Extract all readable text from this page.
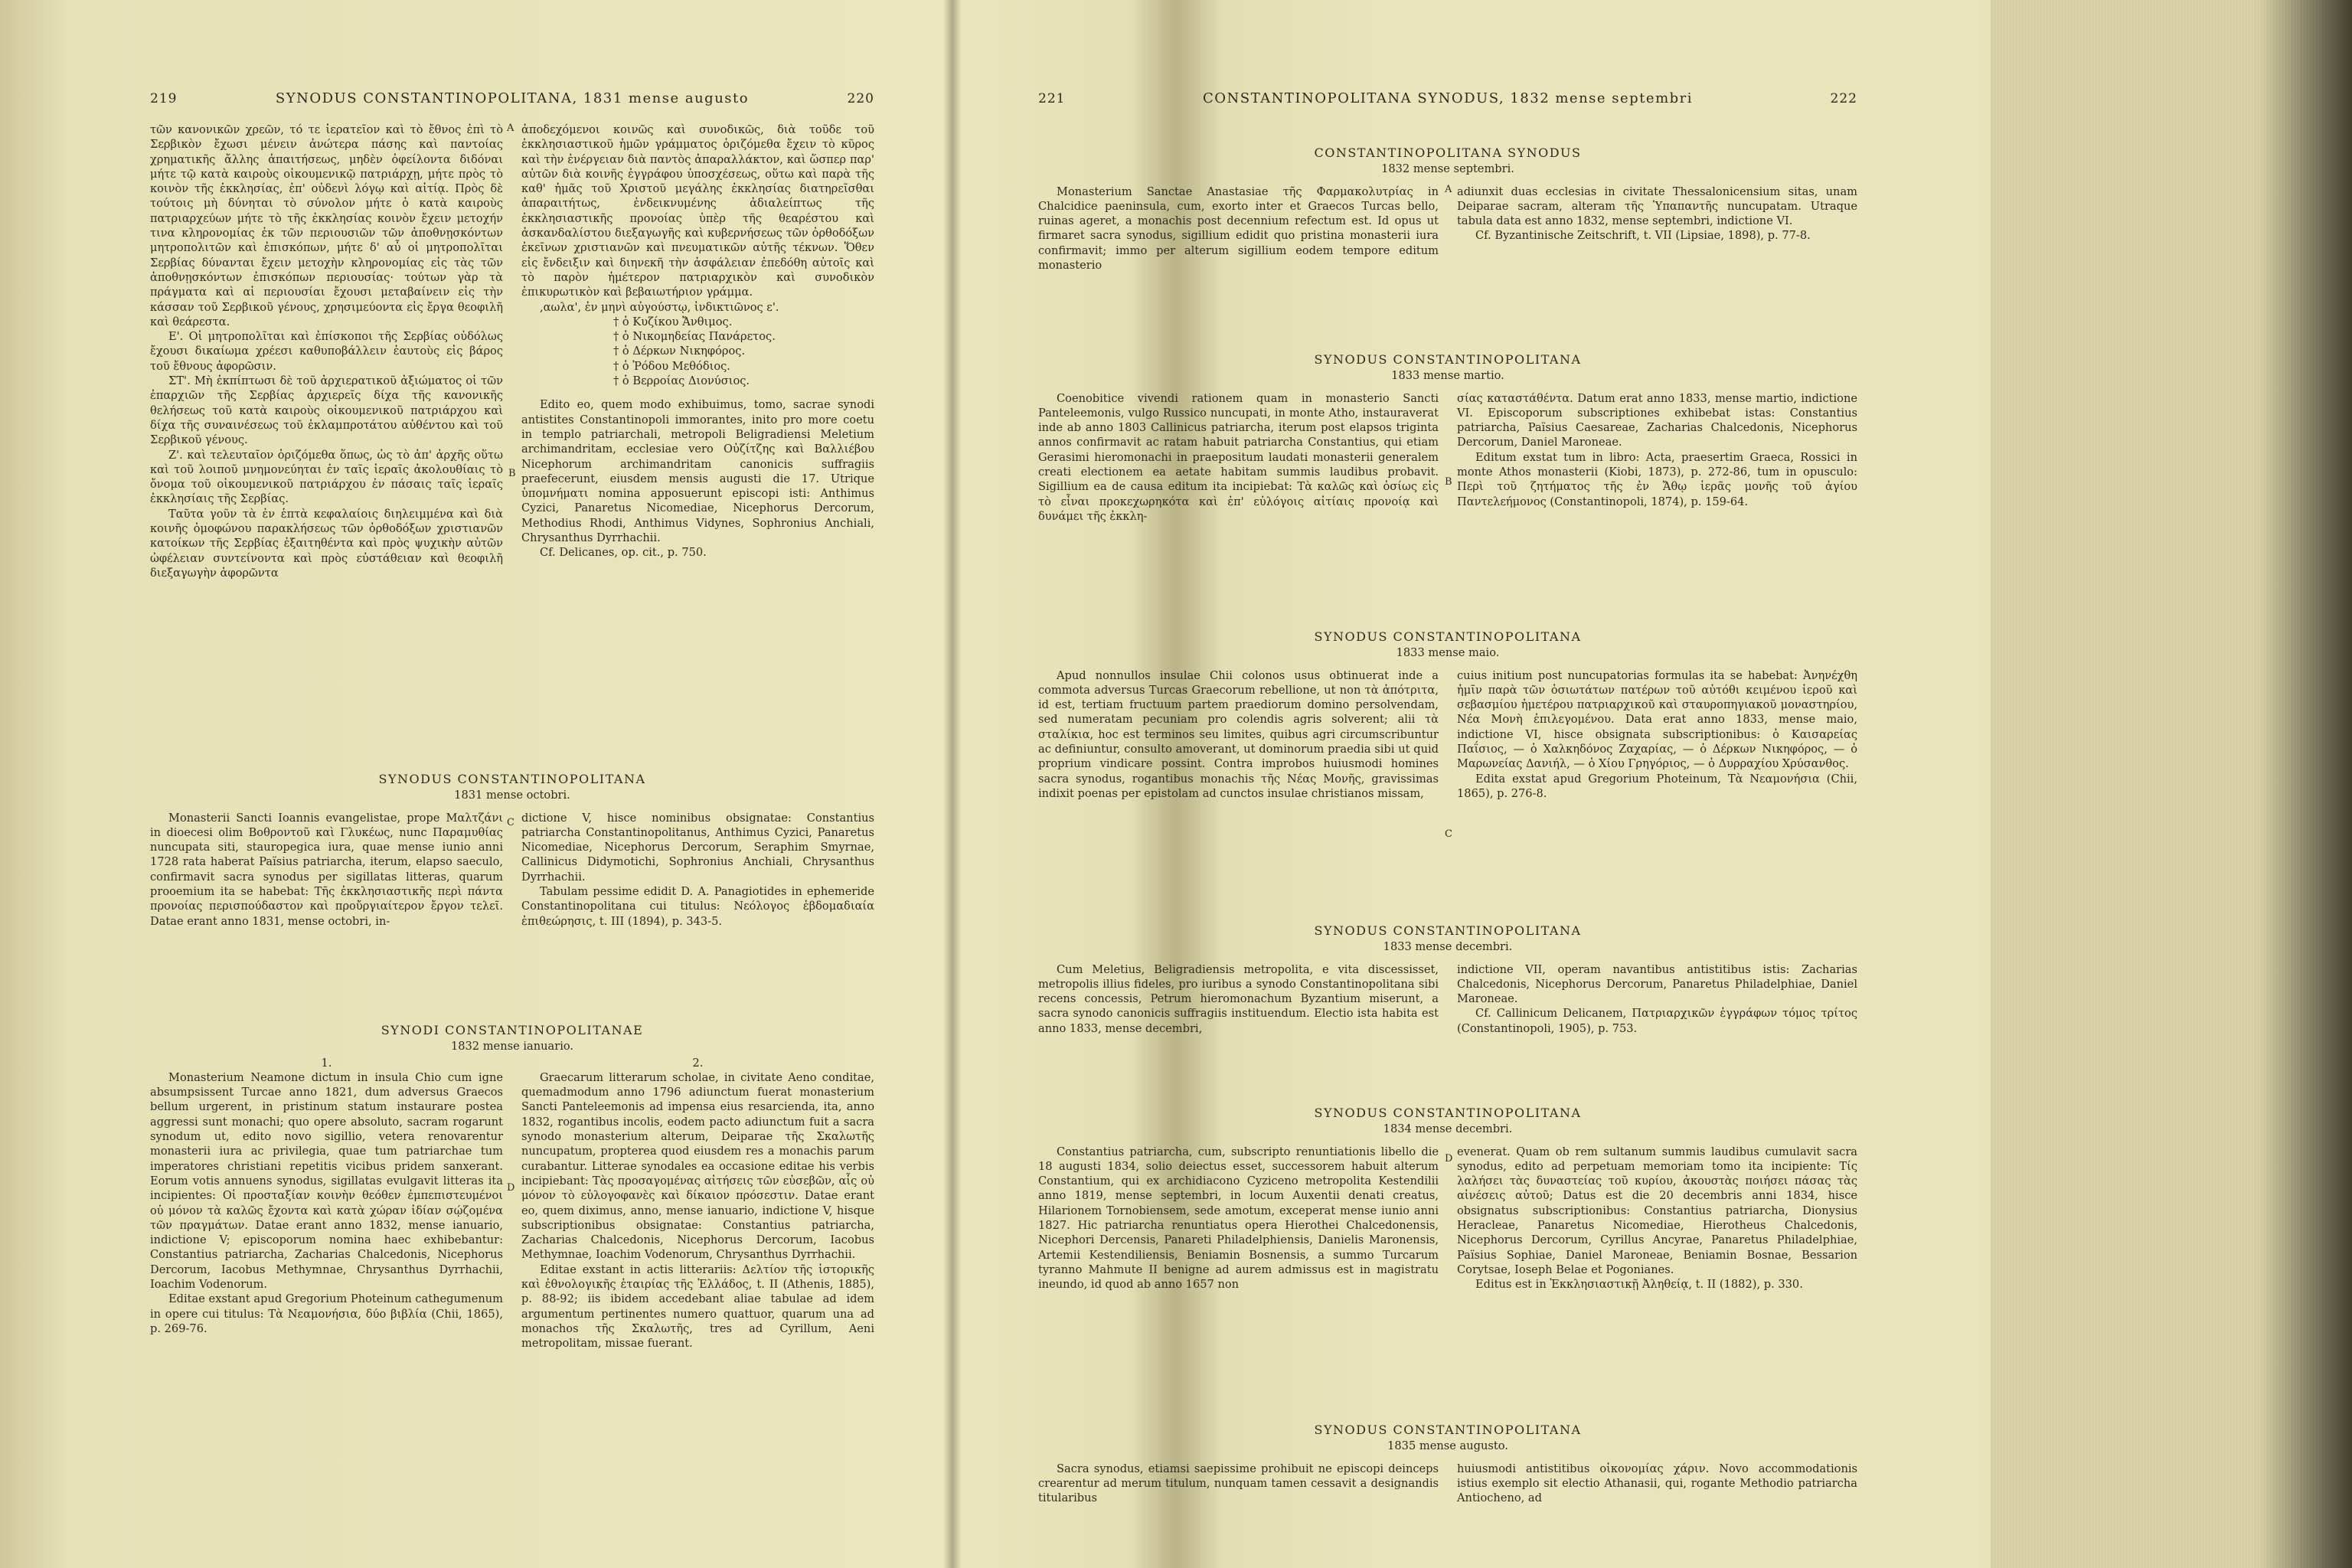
219	SYNODUS CONSTANTINOPOLITANA, 1831 mense augusto	220

τῶν κανονικῶν χρεῶν, τό τε ἱερατεῖον καὶ τὸ ἔθνος ἐπὶ τὸ Σερβικὸν ἔχωσι μένειν ἀνώτερα πάσης καὶ παντοίας χρηματικῆς ἄλλης ἀπαιτήσεως, μηδὲν ὀφείλοντα διδόναι μήτε τῷ κατὰ καιροὺς οἰκουμενικῷ πατριάρχῃ, μήτε πρὸς τὸ κοινὸν τῆς ἐκκλησίας, ἐπ' οὐδενὶ λόγῳ καὶ αἰτίᾳ. Πρὸς δὲ τούτοις μὴ δύνηται τὸ σύνολον μήτε ὁ κατὰ καιροὺς πατριαρχεύων μήτε τὸ τῆς ἐκκλησίας κοινὸν ἔχειν μετοχήν τινα κληρονομίας ἐκ τῶν περιουσιῶν τῶν ἀποθνῃσκόντων μητροπολιτῶν καὶ ἐπισκόπων, μήτε δ' αὖ οἱ μητροπολῖται Σερβίας δύνανται ἔχειν μετοχὴν κληρονομίας εἰς τὰς τῶν ἀποθνῃσκόντων ἐπισκόπων περιουσίας· τούτων γὰρ τὰ πράγματα καὶ αἱ περιουσίαι ἔχουσι μεταβαίνειν εἰς τὴν κάσσαν τοῦ Σερβικοῦ γένους, χρησιμεύοντα εἰς ἔργα θεοφιλῆ καὶ θεάρεστα.

Ε'. Οἱ μητροπολῖται καὶ ἐπίσκοποι τῆς Σερβίας οὐδόλως ἔχουσι δικαίωμα χρέεσι καθυποβάλλειν ἑαυτοὺς εἰς βάρος τοῦ ἔθνους ἀφορῶσιν.

ΣΤ'. Μὴ ἐκπίπτωσι δὲ τοῦ ἀρχιερατικοῦ ἀξιώματος οἱ τῶν ἐπαρχιῶν τῆς Σερβίας ἀρχιερεῖς δίχα τῆς κανονικῆς θελήσεως τοῦ κατὰ καιροὺς οἰκουμενικοῦ πατριάρχου καὶ δίχα τῆς συναινέσεως τοῦ ἐκλαμπροτάτου αὐθέντου καὶ τοῦ Σερβικοῦ γένους.

Ζ'. καὶ τελευταῖον ὁριζόμεθα ὅπως, ὡς τὸ ἀπ' ἀρχῆς οὕτω καὶ τοῦ λοιποῦ μνημονεύηται ἐν ταῖς ἱεραῖς ἀκολουθίαις τὸ ὄνομα τοῦ οἰκουμενικοῦ πατριάρχου ἐν πάσαις ταῖς ἱεραῖς ἐκκλησίαις τῆς Σερβίας.

Ταῦτα γοῦν τὰ ἐν ἑπτὰ κεφαλαίοις διηλειμμένα καὶ διὰ κοινῆς ὁμοφώνου παρακλήσεως τῶν ὀρθοδόξων χριστιανῶν κατοίκων τῆς Σερβίας ἐξαιτηθέντα καὶ πρὸς ψυχικὴν αὐτῶν ὠφέλειαν συντείνοντα καὶ πρὸς εὐστάθειαν καὶ θεοφιλῆ διεξαγωγὴν ἀφορῶντα

ἀποδεχόμενοι κοινῶς καὶ συνοδικῶς, διὰ τοῦδε τοῦ ἐκκλησιαστικοῦ ἡμῶν γράμματος ὁριζόμεθα ἔχειν τὸ κῦρος καὶ τὴν ἐνέργειαν διὰ παντὸς ἀπαραλλάκτον, καὶ ὥσπερ παρ' αὐτῶν διὰ κοινῆς ἐγγράφου ὑποσχέσεως, οὕτω καὶ παρὰ τῆς καθ' ἡμᾶς τοῦ Χριστοῦ μεγάλης ἐκκλησίας διατηρεῖσθαι ἀπαραιτήτως, ἐνδεικνυμένης ἀδιαλείπτως τῆς ἐκκλησιαστικῆς προνοίας ὑπὲρ τῆς θεαρέστου καὶ ἀσκανδαλίστου διεξαγωγῆς καὶ κυβερνήσεως τῶν ὀρθοδόξων ἐκεῖνων χριστιανῶν καὶ πνευματικῶν αὐτῆς τέκνων. Ὅθεν εἰς ἔνδειξιν καὶ διηνεκῆ τὴν ἀσφάλειαν ἐπεδόθη αὐτοῖς καὶ τὸ παρὸν ἡμέτερον πατριαρχικὸν καὶ συνοδικὸν ἐπικυρωτικὸν καὶ βεβαιωτήριον γράμμα.

,αωλα', ἐν μηνὶ αὐγούστῳ, ἰνδικτιῶνος ε'.

† ὁ Κυζίκου Ἄνθιμος.

† ὁ Νικομηδείας Πανάρετος.

† ὁ Δέρκων Νικηφόρος.

† ὁ Ῥόδου Μεθόδιος.

† ὁ Βερροίας Διονύσιος.

Edito eo, quem modo exhibuimus, tomo, sacrae synodi antistites Constantinopoli immorantes, inito pro more coetu in templo patriarchali, metropoli Beligradiensi Meletium archimandritam, ecclesiae vero Οὐζίτζης καὶ Βαλλιέβου Nicephorum archimandritam canonicis suffragiis praefecerunt, eiusdem mensis augusti die 17. Utrique ὑπομνήματι nomina apposuerunt episcopi isti: Anthimus Cyzici, Panaretus Nicomediae, Nicephorus Dercorum, Methodius Rhodi, Anthimus Vidynes, Sophronius Anchiali, Chrysanthus Dyrrhachii.

Cf. Delicanes, op. cit., p. 750.

SYNODUS CONSTANTINOPOLITANA

1831 mense octobri.

Monasterii Sancti Ioannis evangelistae, prope Μαλτζάνι in dioecesi olim Βοθροντοῦ καὶ Γλυκέως, nunc Παραμυθίας nuncupata siti, stauropegica iura, quae mense iunio anni 1728 rata haberat Païsius patriarcha, iterum, elapso saeculo, confirmavit sacra synodus per sigillatas litteras, quarum prooemium ita se habebat: Τῆς ἐκκλησιαστικῆς περὶ πάντα προνοίας περισπούδαστον καὶ προὔργιαίτερον ἔργον τελεῖ. Datae erant anno 1831, mense octobri, in-

dictione V, hisce nominibus obsignatae: Constantius patriarcha Constantinopolitanus, Anthimus Cyzici, Panaretus Nicomediae, Nicephorus Dercorum, Seraphim Smyrnae, Callinicus Didymotichi, Sophronius Anchiali, Chrysanthus Dyrrhachii.

Tabulam pessime edidit D. A. Panagiotides in ephemeride Constantinopolitana cui titulus: Νεόλογος ἑβδομαδιαία ἐπιθεώρησις, t. III (1894), p. 343-5.

SYNODI CONSTANTINOPOLITANAE

1832 mense ianuario.

1.

Monasterium Neamone dictum in insula Chio cum igne absumpsissent Turcae anno 1821, dum adversus Graecos bellum urgerent, in pristinum statum instaurare postea aggressi sunt monachi; quo opere absoluto, sacram rogarunt synodum ut, edito novo sigillio, vetera renovarentur monasterii iura ac privilegia, quae tum patriarchae tum imperatores christiani repetitis vicibus pridem sanxerant. Eorum votis annuens synodus, sigillatas evulgavit litteras ita incipientes: Οἱ προσταξίαν κοινὴν θεόθεν ἐμπεπιστευμένοι οὐ μόνον τὰ καλῶς ἔχοντα καὶ κατὰ χώραν ἰδίαν σῴζομένα τῶν πραγμάτων. Datae erant anno 1832, mense ianuario, indictione V; episcoporum nomina haec exhibebantur: Constantius patriarcha, Zacharias Chalcedonis, Nicephorus Dercorum, Iacobus Methymnae, Chrysanthus Dyrrhachii, Ioachim Vodenorum.

Editae exstant apud Gregorium Photeinum cathegumenum in opere cui titulus: Τὰ Νεαμονήσια, δύο βιβλία (Chii, 1865), p. 269-76.

2.

Graecarum litterarum scholae, in civitate Aeno conditae, quemadmodum anno 1796 adiunctum fuerat monasterium Sancti Panteleemonis ad impensa eius resarcienda, ita, anno 1832, rogantibus incolis, eodem pacto adiunctum fuit a sacra synodo monasterium alterum, Deiparae τῆς Σκαλωτῆς nuncupatum, propterea quod eiusdem res a monachis parum curabantur. Litterae synodales ea occasione editae his verbis incipiebant: Τὰς προσαγομένας αἰτήσεις τῶν εὐσεβῶν, αἷς οὐ μόνον τὸ εὐλογοφανὲς καὶ δίκαιον πρόσεστιν. Datae erant eo, quem diximus, anno, mense ianuario, indictione V, hisque subscriptionibus obsignatae: Constantius patriarcha, Zacharias Chalcedonis, Nicephorus Dercorum, Iacobus Methymnae, Ioachim Vodenorum, Chrysanthus Dyrrhachii.

Editae exstant in actis litterariis: Δελτίον τῆς ἱστορικῆς καὶ ἐθνολογικῆς ἑταιρίας τῆς Ἑλλάδος, t. II (Athenis, 1885), p. 88-92; iis ibidem accedebant aliae tabulae ad idem argumentum pertinentes numero quattuor, quarum una ad monachos τῆς Σκαλωτῆς, tres ad Cyrillum, Aeni metropolitam, missae fuerant.

A
B
C
D
221	CONSTANTINOPOLITANA SYNODUS, 1832 mense septembri	222

CONSTANTINOPOLITANA SYNODUS

1832 mense septembri.

Monasterium Sanctae Anastasiae τῆς Φαρμακολυτρίας in Chalcidice paeninsula, cum, exorto inter et Graecos Turcas bello, ruinas ageret, a monachis post decennium refectum est. Id opus ut firmaret sacra synodus, sigillium edidit quo pristina monasterii iura confirmavit; immo per alterum sigillium eodem tempore editum monasterio

adiunxit duas ecclesias in civitate Thessalonicensium sitas, unam Deiparae sacram, alteram τῆς Ὑπαπαντῆς nuncupatam. Utraque tabula data est anno 1832, mense septembri, indictione VI.

Cf. Byzantinische Zeitschrift, t. VII (Lipsiae, 1898), p. 77-8.

SYNODUS CONSTANTINOPOLITANA

1833 mense martio.

Coenobitice vivendi rationem quam in monasterio Sancti Panteleemonis, vulgo Russico nuncupati, in monte Atho, instauraverat inde ab anno 1803 Callinicus patriarcha, iterum post elapsos triginta annos confirmavit ac ratam habuit patriarcha Constantius, qui etiam Gerasimi hieromonachi in praepositum laudati monasterii generalem creati electionem ea aetate habitam summis laudibus probavit. Sigillium ea de causa editum ita incipiebat: Τὰ καλῶς καὶ ὁσίως εἰς τὸ εἶναι προκεχωρηκότα καὶ ἐπ' εὐλόγοις αἰτίαις προνοίᾳ καὶ δυνάμει τῆς ἐκκλη-

σίας καταστάθέντα. Datum erat anno 1833, mense martio, indictione VI. Episcoporum subscriptiones exhibebat istas: Constantius patriarcha, Païsius Caesareae, Zacharias Chalcedonis, Nicephorus Dercorum, Daniel Maroneae.

Editum exstat tum in libro: Acta, praesertim Graeca, Rossici in monte Athos monasterii (Kiobi, 1873), p. 272-86, tum in opusculo: Περὶ τοῦ ζητήματος τῆς ἐν Ἄθῳ ἱερᾶς μονῆς τοῦ ἁγίου Παντελεήμονος (Constantinopoli, 1874), p. 159-64.

SYNODUS CONSTANTINOPOLITANA

1833 mense maio.

Apud nonnullos insulae Chii colonos usus obtinuerat inde a commota adversus Turcas Graecorum rebellione, ut non τὰ ἀπότριτα, id est, tertiam fructuum partem praediorum domino persolvendam, sed numeratam pecuniam pro colendis agris solverent; alii τὰ σταλίκια, hoc est terminos seu limites, quibus agri circumscribuntur ac definiuntur, consulto amoverant, ut dominorum praedia sibi ut quid proprium vindicare possint. Contra improbos huiusmodi homines sacra synodus, rogantibus monachis τῆς Νέας Μονῆς, gravissimas indixit poenas per epistolam ad cunctos insulae christianos missam,

cuius initium post nuncupatorias formulas ita se habebat: Ἀνηνέχθη ἡμῖν παρὰ τῶν ὁσιωτάτων πατέρων τοῦ αὐτόθι κειμένου ἱεροῦ καὶ σεβασμίου ἡμετέρου πατριαρχικοῦ καὶ σταυροπηγιακοῦ μοναστηρίου, Νέα Μονὴ ἐπιλεγομένου. Data erat anno 1833, mense maio, indictione VI, hisce obsignata subscriptionibus: ὁ Καισαρείας Παΐσιος, — ὁ Χαλκηδόνος Ζαχαρίας, — ὁ Δέρκων Νικηφόρος, — ὁ Μαρωνείας Δανιήλ, — ὁ Χίου Γρηγόριος, — ὁ Δυρραχίου Χρύσανθος.

Edita exstat apud Gregorium Photeinum, Τὰ Νεαμονήσια (Chii, 1865), p. 276-8.

SYNODUS CONSTANTINOPOLITANA

1833 mense decembri.

Cum Meletius, Beligradiensis metropolita, e vita discessisset, metropolis illius fideles, pro iuribus a synodo Constantinopolitana sibi recens concessis, Petrum hieromonachum Byzantium miserunt, a sacra synodo canonicis suffragiis instituendum. Electio ista habita est anno 1833, mense decembri,

indictione VII, operam navantibus antistitibus istis: Zacharias Chalcedonis, Nicephorus Dercorum, Panaretus Philadelphiae, Daniel Maroneae.

Cf. Callinicum Delicanem, Πατριαρχικῶν ἐγγράφων τόμος τρίτος (Constantinopoli, 1905), p. 753.

SYNODUS CONSTANTINOPOLITANA

1834 mense decembri.

Constantius patriarcha, cum, subscripto renuntiationis libello die 18 augusti 1834, solio deiectus esset, successorem habuit alterum Constantium, qui ex archidiacono Cyziceno metropolita Kestendilii anno 1819, mense septembri, in locum Auxentii denati creatus, Hilarionem Tornobiensem, sede amotum, exceperat mense iunio anni 1827. Hic patriarcha renuntiatus opera Hierothei Chalcedonensis, Nicephori Dercensis, Panareti Philadelphiensis, Danielis Maronensis, Artemii Kestendiliensis, Beniamin Bosnensis, a summo Turcarum tyranno Mahmute II benigne ad aurem admissus est in magistratu ineundo, id quod ab anno 1657 non

evenerat. Quam ob rem sultanum summis laudibus cumulavit sacra synodus, edito ad perpetuam memoriam tomo ita incipiente: Τίς λαλήσει τὰς δυναστείας τοῦ κυρίου, ἀκουστὰς ποιήσει πάσας τὰς αἰνέσεις αὐτοῦ; Datus est die 20 decembris anni 1834, hisce obsignatus subscriptionibus: Constantius patriarcha, Dionysius Heracleae, Panaretus Nicomediae, Hierotheus Chalcedonis, Nicephorus Dercorum, Cyrillus Ancyrae, Panaretus Philadelphiae, Païsius Sophiae, Daniel Maroneae, Beniamin Bosnae, Bessarion Corytsae, Ioseph Belae et Pogonianes.

Editus est in Ἐκκλησιαστικῇ Ἀληθείᾳ, t. II (1882), p. 330.

SYNODUS CONSTANTINOPOLITANA

1835 mense augusto.

Sacra synodus, etiamsi saepissime prohibuit ne episcopi deinceps crearentur ad merum titulum, nunquam tamen cessavit a designandis titularibus

huiusmodi antistitibus οἰκονομίας χάριν. Novo accommodationis istius exemplo sit electio Athanasii, qui, rogante Methodio patriarcha Antiocheno, ad

A
B
C
D
